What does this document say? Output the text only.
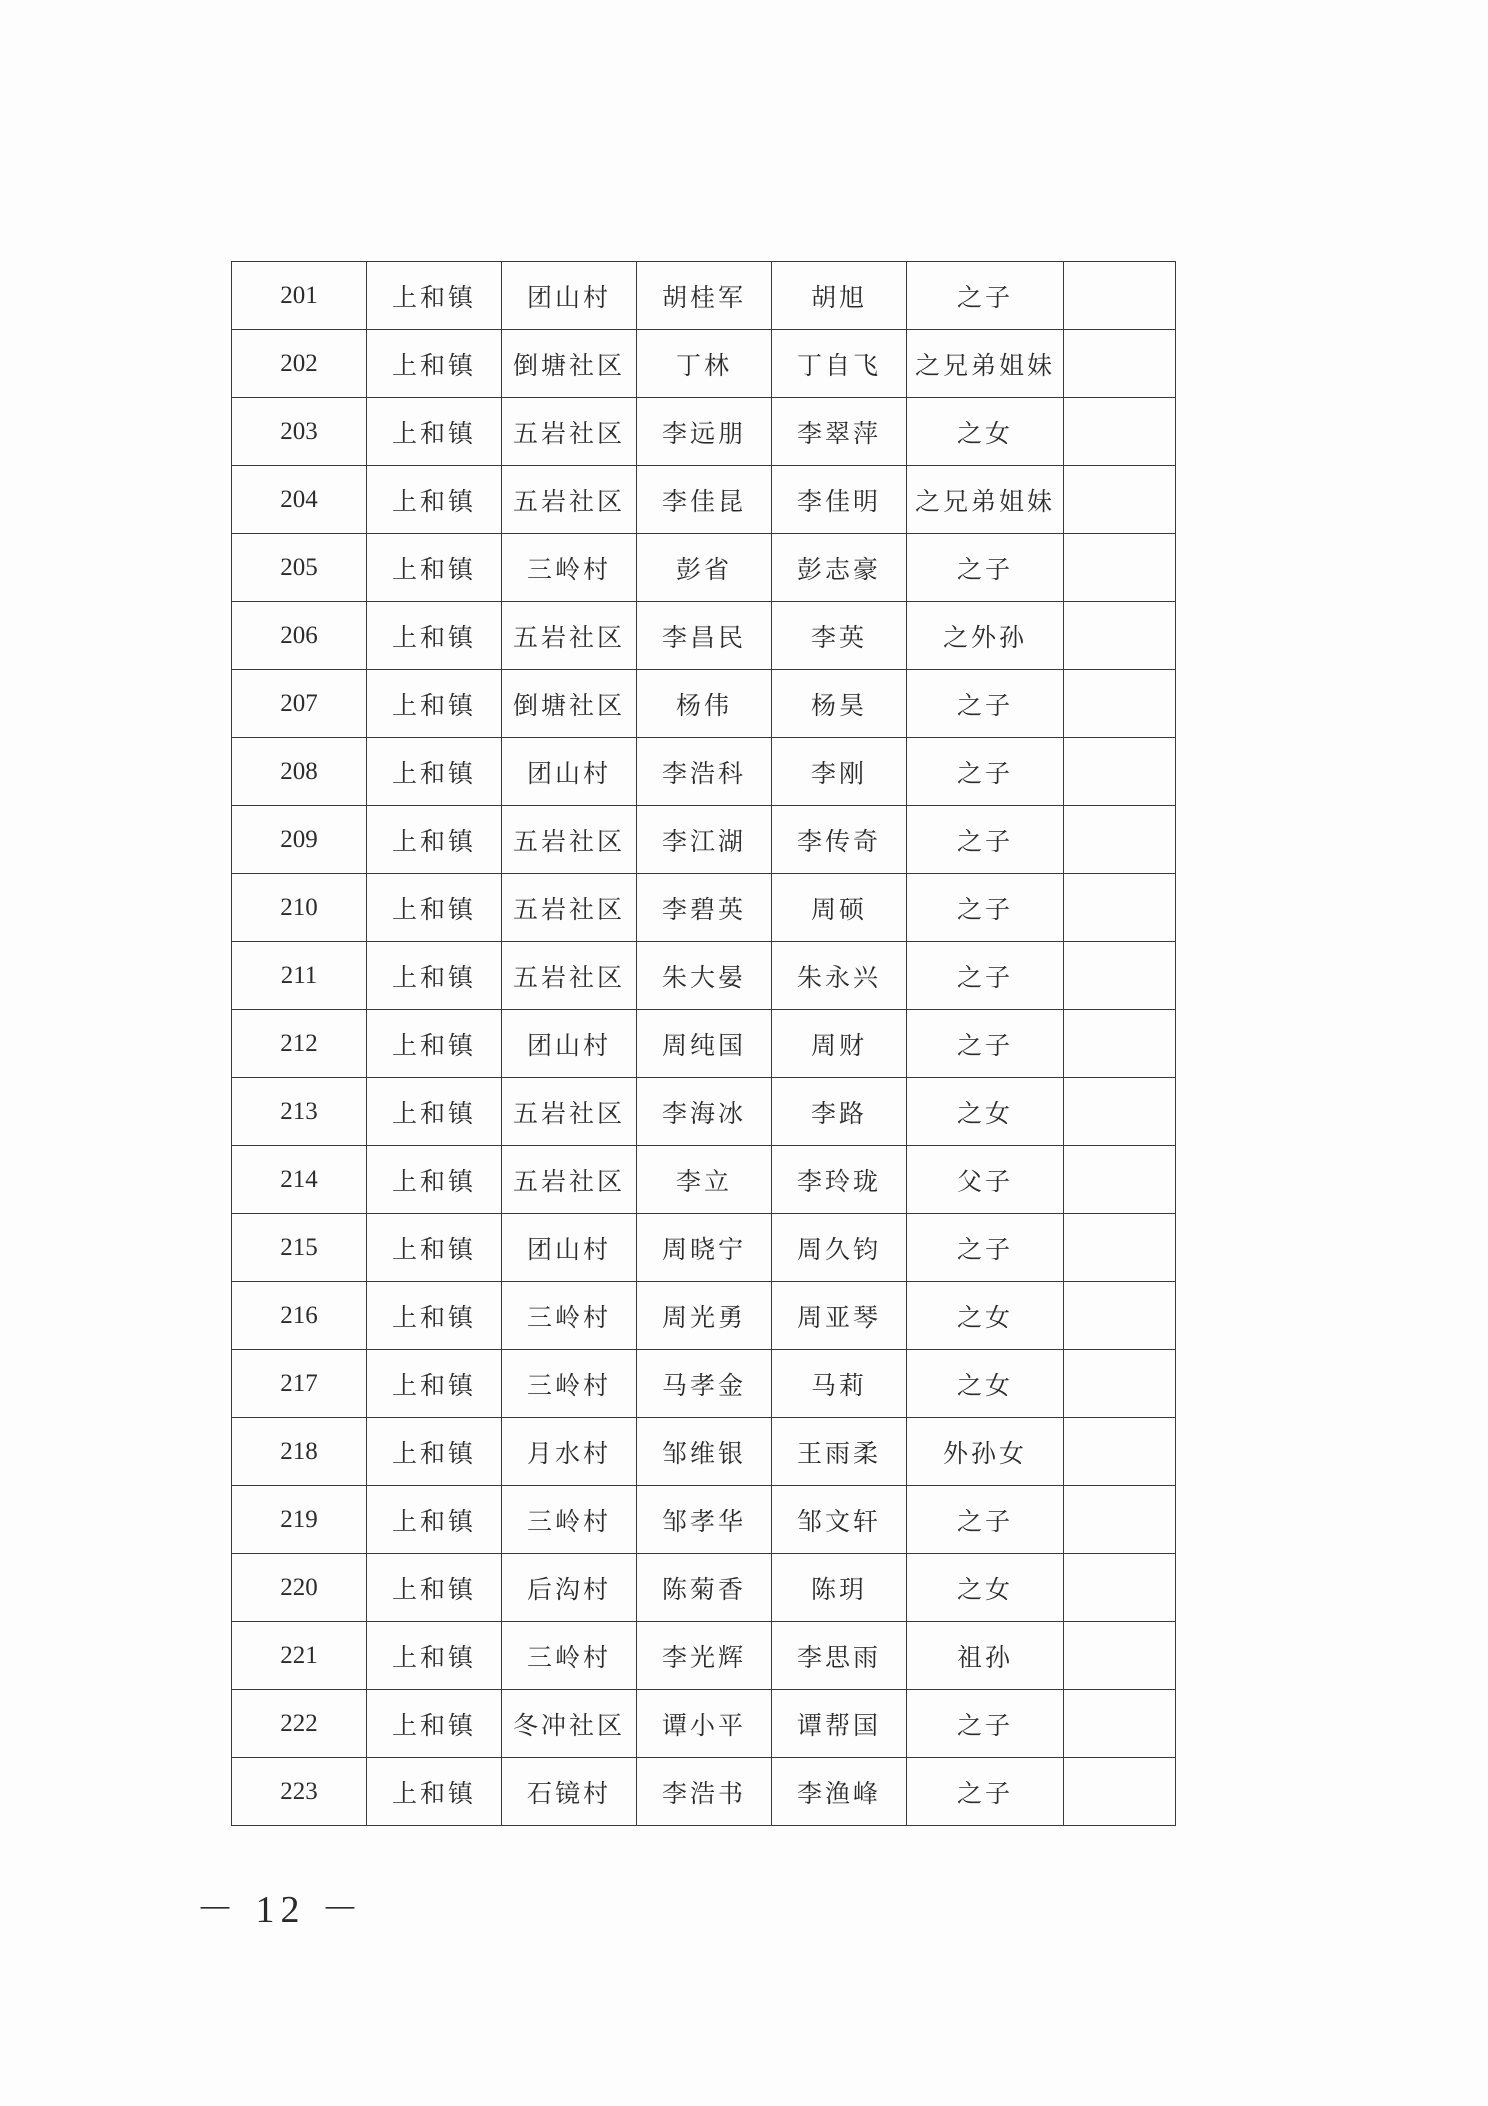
201	上和镇	团山村	胡桂军	胡旭	之子	
202	上和镇	倒塘社区	丁林	丁自飞	之兄弟姐妹	
203	上和镇	五岩社区	李远朋	李翠萍	之女	
204	上和镇	五岩社区	李佳昆	李佳明	之兄弟姐妹	
205	上和镇	三岭村	彭省	彭志豪	之子	
206	上和镇	五岩社区	李昌民	李英	之外孙	
207	上和镇	倒塘社区	杨伟	杨昊	之子	
208	上和镇	团山村	李浩科	李刚	之子	
209	上和镇	五岩社区	李江湖	李传奇	之子	
210	上和镇	五岩社区	李碧英	周硕	之子	
211	上和镇	五岩社区	朱大晏	朱永兴	之子	
212	上和镇	团山村	周纯国	周财	之子	
213	上和镇	五岩社区	李海冰	李路	之女	
214	上和镇	五岩社区	李立	李玲珑	父子	
215	上和镇	团山村	周晓宁	周久钧	之子	
216	上和镇	三岭村	周光勇	周亚琴	之女	
217	上和镇	三岭村	马孝金	马莉	之女	
218	上和镇	月水村	邹维银	王雨柔	外孙女	
219	上和镇	三岭村	邹孝华	邹文轩	之子	
220	上和镇	后沟村	陈菊香	陈玥	之女	
221	上和镇	三岭村	李光辉	李思雨	祖孙	
222	上和镇	冬冲社区	谭小平	谭帮国	之子	
223	上和镇	石镜村	李浩书	李渔峰	之子	
－ 12 －
